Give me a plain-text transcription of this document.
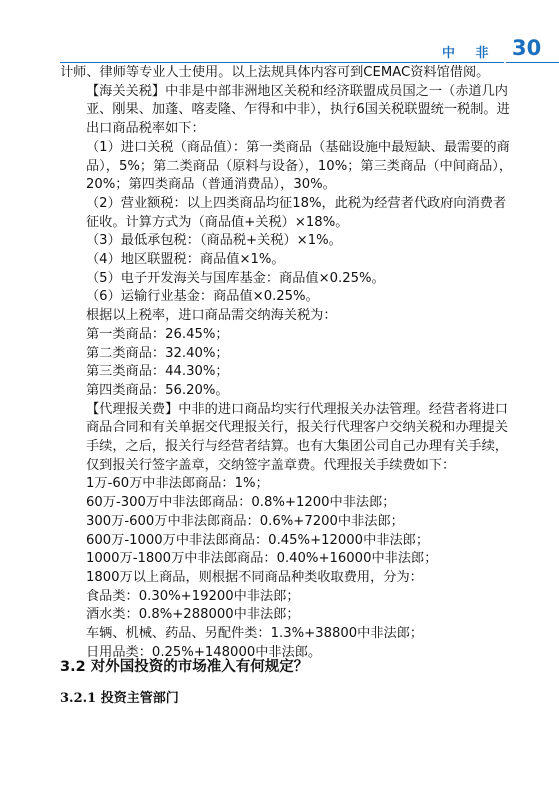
中 非 30

计师、律师等专业人士使用。以上法规具体内容可到CEMAC资料馆借阅。

【海关关税】中非是中部非洲地区关税和经济联盟成员国之一（赤道几内亚、刚果、加蓬、喀麦隆、乍得和中非），执行6国关税联盟统一税制。进出口商品税率如下：

（1）进口关税（商品值）：第一类商品（基础设施中最短缺、最需要的商品），5%；第二类商品（原料与设备），10%；第三类商品（中间商品），20%；第四类商品（普通消费品），30%。

（2）营业额税：以上四类商品均征18%，此税为经营者代政府向消费者征收。计算方式为（商品值+关税）×18%。

（3）最低承包税：（商品税+关税）×1%。

（4）地区联盟税：商品值×1%。

（5）电子开发海关与国库基金：商品值×0.25%。

（6）运输行业基金：商品值×0.25%。

根据以上税率，进口商品需交纳海关税为：

第一类商品：26.45%；

第二类商品：32.40%；

第三类商品：44.30%；

第四类商品：56.20%。

【代理报关费】中非的进口商品均实行代理报关办法管理。经营者将进口商品合同和有关单据交代理报关行，报关行代理客户交纳关税和办理提关手续，之后，报关行与经营者结算。也有大集团公司自己办理有关手续，仅到报关行签字盖章，交纳签字盖章费。代理报关手续费如下：

1万-60万中非法郎商品：1%；

60万-300万中非法郎商品：0.8%+1200中非法郎；

300万-600万中非法郎商品：0.6%+7200中非法郎；

600万-1000万中非法郎商品：0.45%+12000中非法郎；

1000万-1800万中非法郎商品：0.40%+16000中非法郎；

1800万以上商品，则根据不同商品种类收取费用，分为：

食品类：0.30%+19200中非法郎；

酒水类：0.8%+288000中非法郎；

车辆、机械、药品、另配件类：1.3%+38800中非法郎；

日用品类：0.25%+148000中非法郎。

3.2 对外国投资的市场准入有何规定？
3.2.1 投资主管部门
